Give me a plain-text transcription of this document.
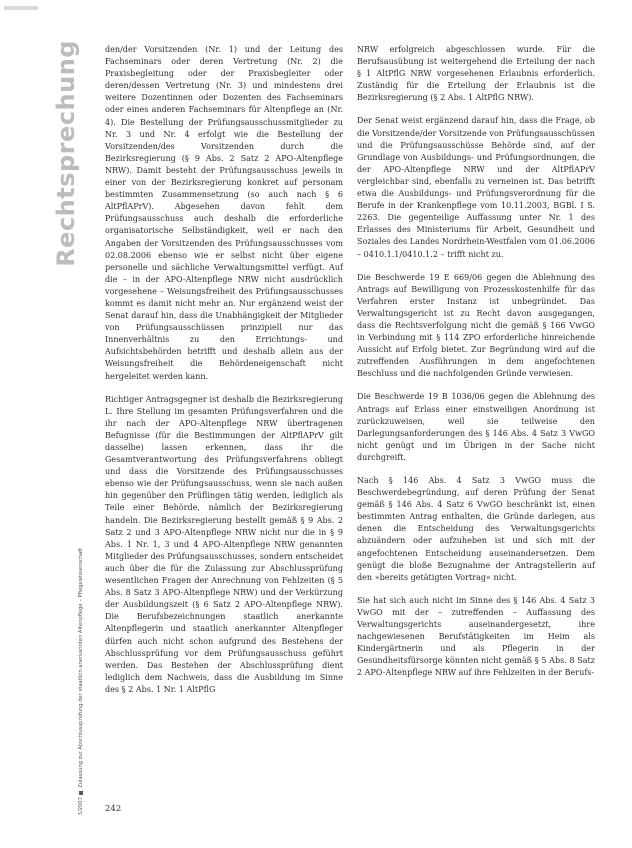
Rechtsprechung
3/2007 ■ Zulassung zur Abschlussprüfung der staatlich anerkannten Altenpflege – Pflegewissenschaft

den/der Vorsitzenden (Nr. 1) und der Leitung des Fachseminars oder deren Vertretung (Nr. 2) die Praxisbegleitung oder der Praxisbegleiter oder deren/dessen Vertretung (Nr. 3) und mindestens drei weitere Dozentinnen oder Dozenten des Fachseminars oder eines anderen Fachseminars für Altenpflege an (Nr. 4). Die Bestellung der Prüfungsausschussmitglieder zu Nr. 3 und Nr. 4 erfolgt wie die Bestellung der Vorsitzenden/des Vorsitzenden durch die Bezirksregierung (§ 9 Abs. 2 Satz 2 APO-Altenpflege NRW). Damit besteht der Prüfungsausschuss jeweils in einer von der Bezirksregierung konkret auf personam bestimmten Zusammensetzung (so auch nach § 6 AltPflAPrV). Abgesehen davon fehlt dem Prüfungsausschuss auch deshalb die erforderliche organisatorische Selbständigkeit, weil er nach den Angaben der Vorsitzenden des Prüfungsausschusses vom 02.08.2006 ebenso wie er selbst nicht über eigene personelle und sächliche Verwaltungsmittel verfügt. Auf die – in der APO-Altenpflege NRW nicht ausdrücklich vorgesehene – Weisungsfreiheit des Prüfungsausschusses kommt es damit nicht mehr an. Nur ergänzend weist der Senat darauf hin, dass die Unabhängigkeit der Mitglieder von Prüfungsausschüssen prinzipiell nur das Innenverhältnis zu den Errichtungs- und Aufsichtsbehörden betrifft und deshalb allein aus der Weisungsfreiheit die Behördeneigenschaft nicht hergeleitet werden kann.

Richtiger Antragsgegner ist deshalb die Bezirksregierung L. Ihre Stellung im gesamten Prüfungsverfahren und die ihr nach der APO-Altenpflege NRW übertragenen Befugnisse (für die Bestimmungen der AltPflAPrV gilt dasselbe) lassen erkennen, dass ihr die Gesamtverantwortung des Prüfungsverfahrens obliegt und dass die Vorsitzende des Prüfungsausschusses ebenso wie der Prüfungsausschuss, wenn sie nach außen hin gegenüber den Prüflingen tätig werden, lediglich als Teile einer Behörde, nämlich der Bezirksregierung handeln. Die Bezirksregierung bestellt gemäß § 9 Abs. 2 Satz 2 und 3 APO-Altenpflege NRW nicht nur die in § 9 Abs. 1 Nr. 1, 3 und 4 APO-Altenpflege NRW genannten Mitglieder des Prüfungsausschusses, sondern entscheidet auch über die für die Zulassung zur Abschlussprüfung wesentlichen Fragen der Anrechnung von Fehlzeiten (§ 5 Abs. 8 Satz 3 APO-Altenpflege NRW) und der Verkürzung der Ausbildungszeit (§ 6 Satz 2 APO-Altenpflege NRW). Die Berufsbezeichnungen staatlich anerkannte Altenpflegerin und staatlich anerkannter Altenpfleger dürfen auch nicht schon aufgrund des Bestehens der Abschlussprüfung vor dem Prüfungsausschuss geführt werden. Das Bestehen der Abschlussprüfung dient lediglich dem Nachweis, dass die Ausbildung im Sinne des § 2 Abs. 1 Nr. 1 AltPflG

NRW erfolgreich abgeschlossen wurde. Für die Berufsausübung ist weitergehend die Erteilung der nach § 1 AltPflG NRW vorgesehenen Erlaubnis erforderlich. Zuständig für die Erteilung der Erlaubnis ist die Bezirksregierung (§ 2 Abs. 1 AltPflG NRW).

Der Senat weist ergänzend darauf hin, dass die Frage, ob die Vorsitzende/der Vorsitzende von Prüfungsausschüssen und die Prüfungsausschüsse Behörde sind, auf der Grundlage von Ausbildungs- und Prüfungsordnungen, die der APO-Altenpflege NRW und der AltPflAPrV vergleichbar sind, ebenfalls zu verneinen ist. Das betrifft etwa die Ausbildungs- und Prüfungsverordnung für die Berufe in der Krankenpflege vom 10.11.2003, BGBl. I S. 2263. Die gegenteilige Auffassung unter Nr. 1 des Erlasses des Ministeriums für Arbeit, Gesundheit und Soziales des Landes Nordrhein-Westfalen vom 01.06.2006 – 0410.1.1/0410.1.2 – trifft nicht zu.

Die Beschwerde 19 E 669/06 gegen die Ablehnung des Antrags auf Bewilligung von Prozesskostenhilfe für das Verfahren erster Instanz ist unbegründet. Das Verwaltungsgericht ist zu Recht davon ausgegangen, dass die Rechtsverfolgung nicht die gemäß § 166 VwGO in Verbindung mit § 114 ZPO erforderliche hinreichende Aussicht auf Erfolg bietet. Zur Begründung wird auf die zutreffenden Ausführungen in dem angefochtenen Beschluss und die nachfolgenden Gründe verwiesen.

Die Beschwerde 19 B 1036/06 gegen die Ablehnung des Antrags auf Erlass einer einstweiligen Anordnung ist zurückzuweisen, weil sie teilweise den Darlegungsanforderungen des § 146 Abs. 4 Satz 3 VwGO nicht genügt und im Übrigen in der Sache nicht durchgreift.

Nach § 146 Abs. 4 Satz 3 VwGO muss die Beschwerdebegründung, auf deren Prüfung der Senat gemäß § 146 Abs. 4 Satz 6 VwGO beschränkt ist, einen bestimmten Antrag enthalten, die Gründe darlegen, aus denen die Entscheidung des Verwaltungsgerichts abzuändern oder aufzuheben ist und sich mit der angefochtenen Entscheidung auseinandersetzen. Dem genügt die bloße Bezugnahme der Antragstellerin auf den »bereits getätigten Vortrag« nicht.

Sie hat sich auch nicht im Sinne des § 146 Abs. 4 Satz 3 VwGO mit der – zutreffenden – Auffassung des Verwaltungsgerichts auseinandergesetzt, ihre nachgewiesenen Berufstätigkeiten im Heim als Kindergärtnerin und als Pflegerin in der Gesundheitsfürsorge könnten nicht gemäß § 5 Abs. 8 Satz 2 APO-Altenpflege NRW auf ihre Fehlzeiten in der Berufs-

242
